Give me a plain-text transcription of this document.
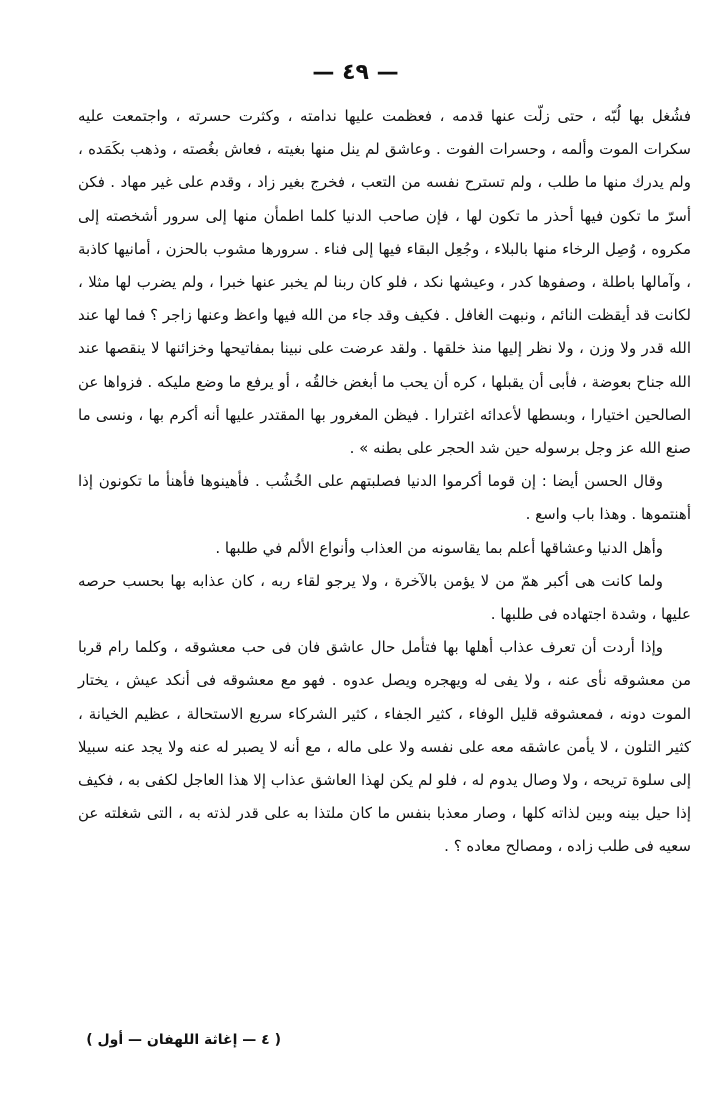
— ٤٩ —

فشُغل بها لُبّه ، حتى زلّت عنها قدمه ، فعظمت عليها ندامته ، وكثرت حسرته ، واجتمعت عليه سكرات الموت وألمه ، وحسرات الفوت . وعاشق لم ينل منها بغيته ، فعاش بغُصته ، وذهب بكَمَده ، ولم يدرك منها ما طلب ، ولم تسترح نفسه من التعب ، فخرج بغير زاد ، وقدم على غير مهاد . فكن أسرّ ما تكون فيها أحذر ما تكون لها ، فإن صاحب الدنيا كلما اطمأن منها إلى سرور أشخصته إلى مكروه ، وُصِل الرخاء منها بالبلاء ، وجُعِل البقاء فيها إلى فناء . سرورها مشوب بالحزن ، أمانيها كاذبة ، وآمالها باطلة ، وصفوها كدر ، وعيشها نكد ، فلو كان ربنا لم يخبر عنها خبرا ، ولم يضرب لها مثلا ، لكانت قد أيقظت النائم ، ونبهت الغافل . فكيف وقد جاء من الله فيها واعظ وعنها زاجر ؟ فما لها عند الله قدر ولا وزن ، ولا نظر إليها منذ خلقها . ولقد عرضت على نبينا بمفاتيحها وخزائنها لا ينقصها عند الله جناح بعوضة ، فأبى أن يقبلها ، كره أن يحب ما أبغض خالقُه ، أو يرفع ما وضع مليكه . فزواها عن الصالحين اختيارا ، وبسطها لأعدائه اغترارا . فيظن المغرور بها المقتدر عليها أنه أكرم بها ، ونسى ما صنع الله عز وجل برسوله حين شد الحجر على بطنه » .

وقال الحسن أيضا : إن قوما أكرموا الدنيا فصلبتهم على الخُشُب . فأهينوها فأهنأ ما تكونون إذا أهنتموها . وهذا باب واسع .

وأهل الدنيا وعشاقها أعلم بما يقاسونه من العذاب وأنواع الألم في طلبها .

ولما كانت هى أكبر همّ من لا يؤمن بالآخرة ، ولا يرجو لقاء ربه ، كان عذابه بها بحسب حرصه عليها ، وشدة اجتهاده فى طلبها .

وإذا أردت أن تعرف عذاب أهلها بها فتأمل حال عاشق فان فى حب معشوقه ، وكلما رام قربا من معشوقه نأى عنه ، ولا يفى له ويهجره ويصل عدوه . فهو مع معشوقه فى أنكد عيش ، يختار الموت دونه ، فمعشوقه قليل الوفاء ، كثير الجفاء ، كثير الشركاء سريع الاستحالة ، عظيم الخيانة ، كثير التلون ، لا يأمن عاشقه معه على نفسه ولا على ماله ، مع أنه لا يصبر له عنه ولا يجد عنه سبيلا إلى سلوة تريحه ، ولا وصال يدوم له ، فلو لم يكن لهذا العاشق عذاب إلا هذا العاجل لكفى به ، فكيف إذا حيل بينه وبين لذاته كلها ، وصار معذبا بنفس ما كان ملتذا به على قدر لذته به ، التى شغلته عن سعيه فى طلب زاده ، ومصالح معاده ؟ .

( ٤ — إغاثة اللهفان — أول )
